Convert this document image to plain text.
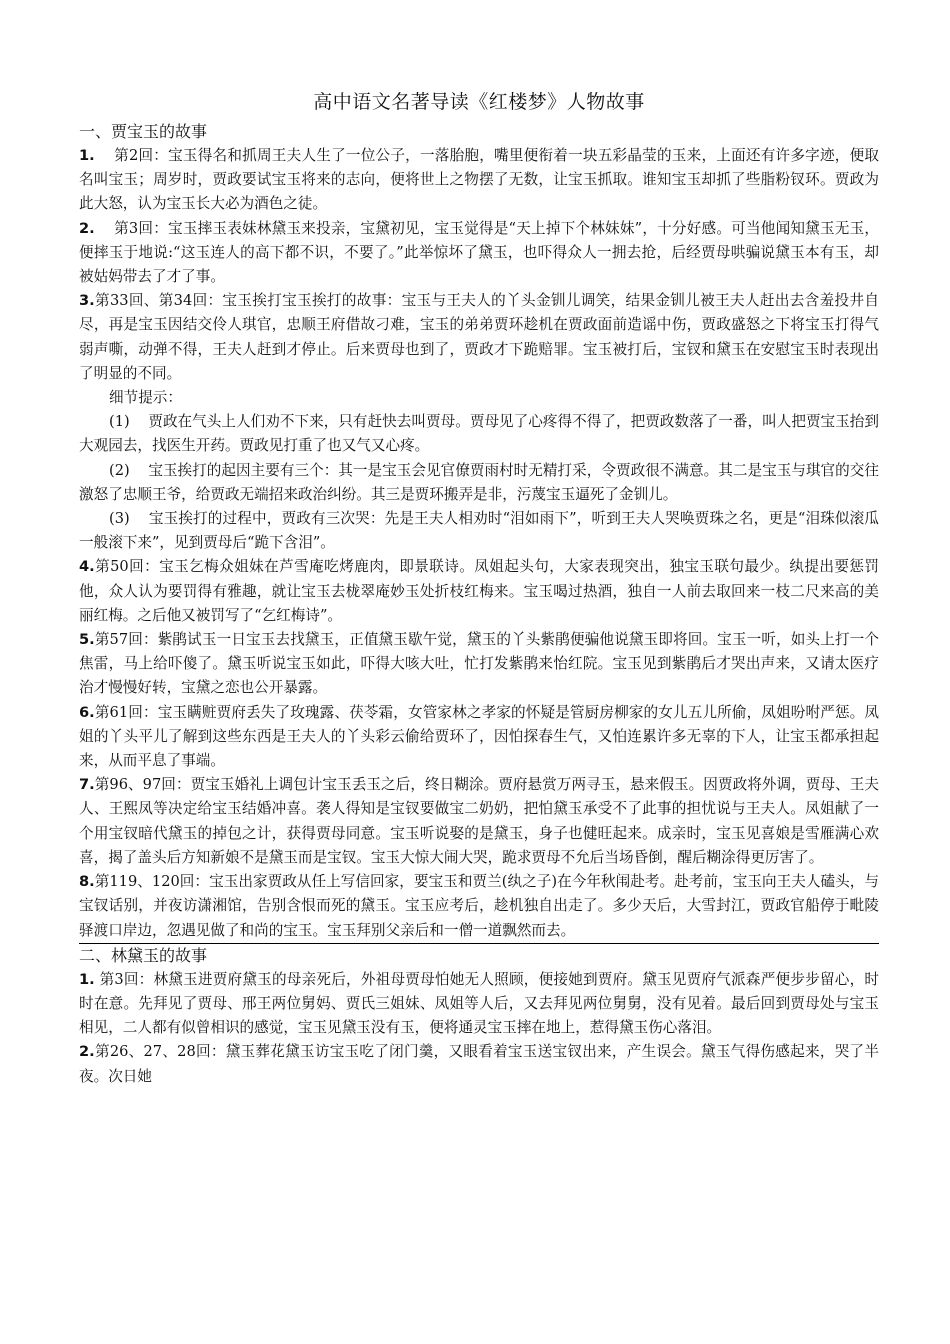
高中语文名著导读《红楼梦》人物故事
一、贾宝玉的故事

1. 第2回：宝玉得名和抓周王夫人生了一位公子，一落胎胞，嘴里便衔着一块五彩晶莹的玉来，上面还有许多字迹，便取名叫宝玉；周岁时，贾政要试宝玉将来的志向，便将世上之物摆了无数，让宝玉抓取。谁知宝玉却抓了些脂粉钗环。贾政为此大怒，认为宝玉长大必为酒色之徒。

2. 第3回：宝玉摔玉表妹林黛玉来投亲，宝黛初见，宝玉觉得是“天上掉下个林妹妹”，十分好感。可当他闻知黛玉无玉，便摔玉于地说:“这玉连人的高下都不识，不要了。”此举惊坏了黛玉，也吓得众人一拥去抢，后经贾母哄骗说黛玉本有玉，却被姑妈带去了才了事。

3.第33回、第34回：宝玉挨打宝玉挨打的故事：宝玉与王夫人的丫头金钏儿调笑，结果金钏儿被王夫人赶出去含羞投井自尽，再是宝玉因结交伶人琪官，忠顺王府借故刁难，宝玉的弟弟贾环趁机在贾政面前造谣中伤，贾政盛怒之下将宝玉打得气弱声嘶，动弹不得，王夫人赶到才停止。后来贾母也到了，贾政才下跪赔罪。宝玉被打后，宝钗和黛玉在安慰宝玉时表现出了明显的不同。

细节提示：

(1) 贾政在气头上人们劝不下来，只有赶快去叫贾母。贾母见了心疼得不得了，把贾政数落了一番，叫人把贾宝玉抬到大观园去，找医生开药。贾政见打重了也又气又心疼。

(2) 宝玉挨打的起因主要有三个：其一是宝玉会见官僚贾雨村时无精打采，令贾政很不满意。其二是宝玉与琪官的交往激怒了忠顺王爷，给贾政无端招来政治纠纷。其三是贾环搬弄是非，污蔑宝玉逼死了金钏儿。

(3) 宝玉挨打的过程中，贾政有三次哭：先是王夫人相劝时“泪如雨下”，听到王夫人哭唤贾珠之名，更是“泪珠似滚瓜一般滚下来”，见到贾母后“跪下含泪”。

4.第50回：宝玉乞梅众姐妹在芦雪庵吃烤鹿肉，即景联诗。凤姐起头句，大家表现突出，独宝玉联句最少。纨提出要惩罚他，众人认为要罚得有雅趣，就让宝玉去栊翠庵妙玉处折枝红梅来。宝玉喝过热酒，独自一人前去取回来一枝二尺来高的美丽红梅。之后他又被罚写了“乞红梅诗”。

5.第57回：紫鹃试玉一日宝玉去找黛玉，正值黛玉歇午觉，黛玉的丫头紫鹃便骗他说黛玉即将回。宝玉一听，如头上打一个焦雷，马上给吓傻了。黛玉听说宝玉如此，吓得大咳大吐，忙打发紫鹃来怡红院。宝玉见到紫鹃后才哭出声来，又请太医疗治才慢慢好转，宝黛之恋也公开暴露。

6.第61回：宝玉瞒赃贾府丢失了玫瑰露、茯苓霜，女管家林之孝家的怀疑是管厨房柳家的女儿五儿所偷，凤姐吩咐严惩。凤姐的丫头平儿了解到这些东西是王夫人的丫头彩云偷给贾环了，因怕探春生气，又怕连累许多无辜的下人，让宝玉都承担起来，从而平息了事端。

7.第96、97回：贾宝玉婚礼上调包计宝玉丢玉之后，终日糊涂。贾府悬赏万两寻玉，悬来假玉。因贾政将外调，贾母、王夫人、王熙凤等决定给宝玉结婚冲喜。袭人得知是宝钗要做宝二奶奶，把怕黛玉承受不了此事的担忧说与王夫人。凤姐献了一个用宝钗暗代黛玉的掉包之计，获得贾母同意。宝玉听说娶的是黛玉，身子也健旺起来。成亲时，宝玉见喜娘是雪雁满心欢喜，揭了盖头后方知新娘不是黛玉而是宝钗。宝玉大惊大闹大哭，跪求贾母不允后当场昏倒，醒后糊涂得更厉害了。

8.第119、120回：宝玉出家贾政从任上写信回家，要宝玉和贾兰(纨之子)在今年秋闱赴考。赴考前，宝玉向王夫人磕头，与宝钗话别，并夜访潇湘馆，告别含恨而死的黛玉。宝玉应考后，趁机独自出走了。多少天后，大雪封江，贾政官船停于毗陵驿渡口岸边，忽遇见做了和尚的宝玉。宝玉拜别父亲后和一僧一道飘然而去。

二、林黛玉的故事

1. 第3回：林黛玉进贾府黛玉的母亲死后，外祖母贾母怕她无人照顾，便接她到贾府。黛玉见贾府气派森严便步步留心，时时在意。先拜见了贾母、邢王两位舅妈、贾氏三姐妹、凤姐等人后，又去拜见两位舅舅，没有见着。最后回到贾母处与宝玉相见，二人都有似曾相识的感觉，宝玉见黛玉没有玉，便将通灵宝玉摔在地上，惹得黛玉伤心落泪。

2.第26、27、28回：黛玉葬花黛玉访宝玉吃了闭门羹，又眼看着宝玉送宝钗出来，产生误会。黛玉气得伤感起来，哭了半夜。次日她
